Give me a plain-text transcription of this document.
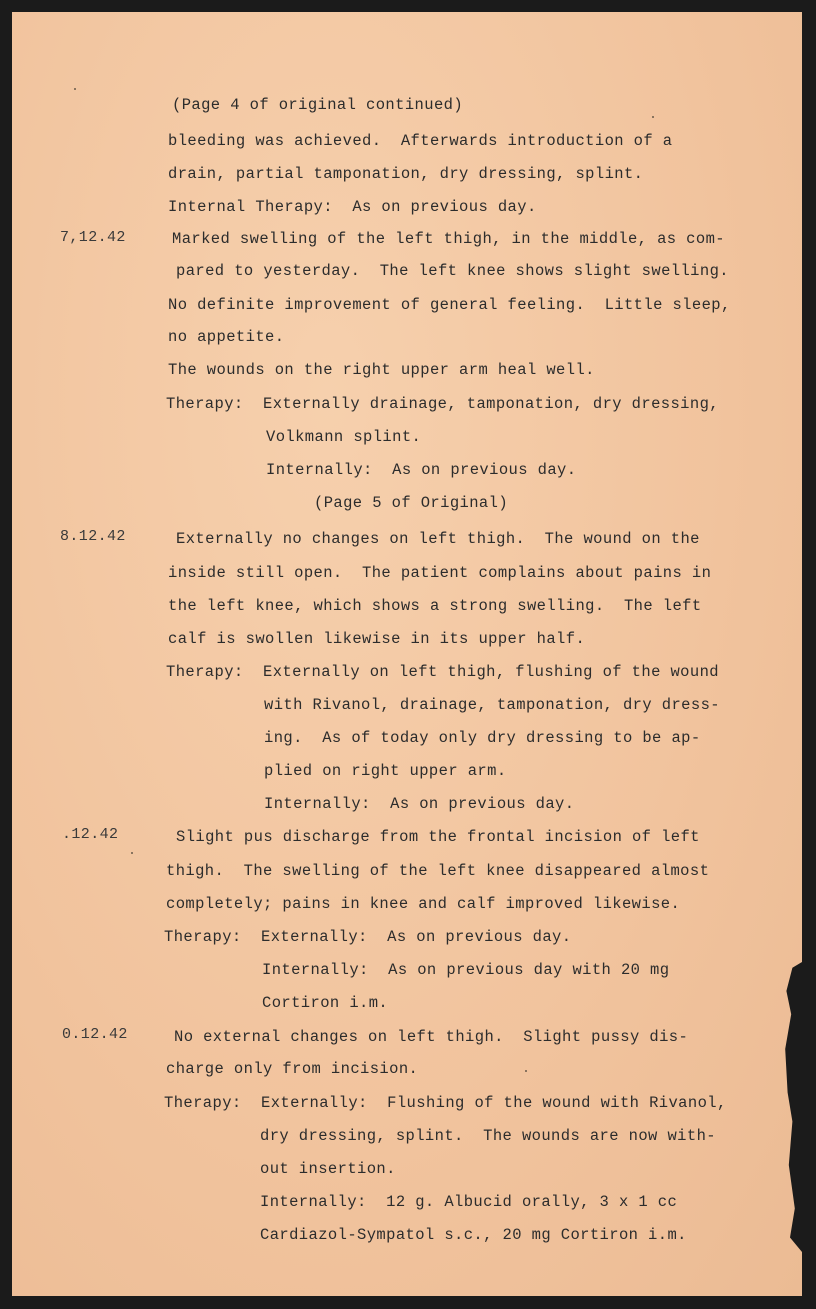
7,12.42
8.12.42
.12.42
0.12.42
(Page 4 of original continued)
bleeding was achieved.  Afterwards introduction of a
drain, partial tamponation, dry dressing, splint.
Internal Therapy:  As on previous day.
Marked swelling of the left thigh, in the middle, as com-
pared to yesterday.  The left knee shows slight swelling.
No definite improvement of general feeling.  Little sleep,
no appetite.
The wounds on the right upper arm heal well.
Therapy:  Externally drainage, tamponation, dry dressing,
Volkmann splint.
Internally:  As on previous day.
(Page 5 of Original)
Externally no changes on left thigh.  The wound on the
inside still open.  The patient complains about pains in
the left knee, which shows a strong swelling.  The left
calf is swollen likewise in its upper half.
Therapy:  Externally on left thigh, flushing of the wound
with Rivanol, drainage, tamponation, dry dress-
ing.  As of today only dry dressing to be ap-
plied on right upper arm.
Internally:  As on previous day.
Slight pus discharge from the frontal incision of left
thigh.  The swelling of the left knee disappeared almost
completely; pains in knee and calf improved likewise.
Therapy:  Externally:  As on previous day.
Internally:  As on previous day with 20 mg
Cortiron i.m.
No external changes on left thigh.  Slight pussy dis-
charge only from incision.
Therapy:  Externally:  Flushing of the wound with Rivanol,
dry dressing, splint.  The wounds are now with-
out insertion.
Internally:  12 g. Albucid orally, 3 x 1 cc
Cardiazol-Sympatol s.c., 20 mg Cortiron i.m.
